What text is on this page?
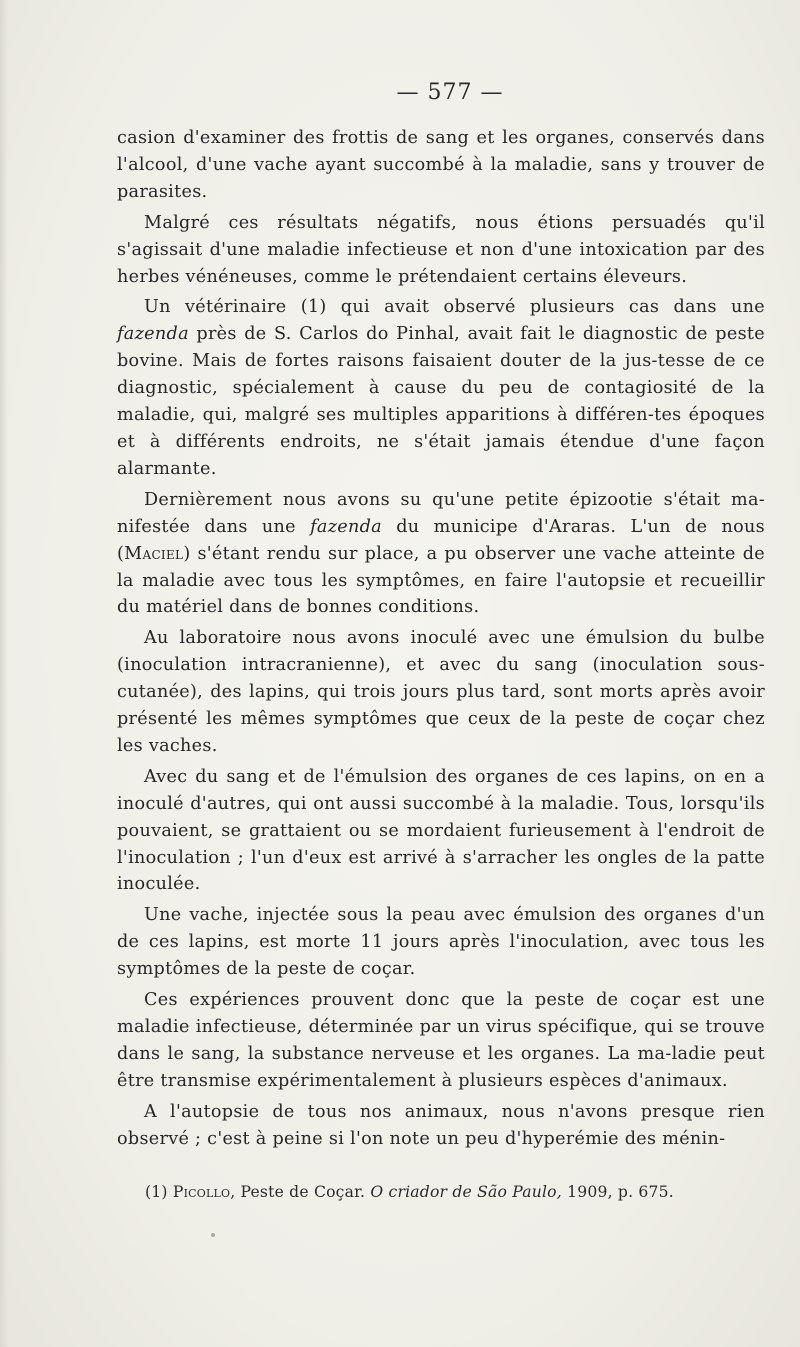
— 577 —

casion d'examiner des frottis de sang et les organes, conservés dans l'alcool, d'une vache ayant succombé à la maladie, sans y trouver de parasites.

Malgré ces résultats négatifs, nous étions persuadés qu'il s'agissait d'une maladie infectieuse et non d'une intoxication par des herbes vénéneuses, comme le prétendaient certains éleveurs.

Un vétérinaire (1) qui avait observé plusieurs cas dans une fazenda près de S. Carlos do Pinhal, avait fait le diagnostic de peste bovine. Mais de fortes raisons faisaient douter de la jus-tesse de ce diagnostic, spécialement à cause du peu de contagiosité de la maladie, qui, malgré ses multiples apparitions à différen-tes époques et à différents endroits, ne s'était jamais étendue d'une façon alarmante.

Dernièrement nous avons su qu'une petite épizootie s'était ma-nifestée dans une fazenda du municipe d'Araras. L'un de nous (Maciel) s'étant rendu sur place, a pu observer une vache atteinte de la maladie avec tous les symptômes, en faire l'autopsie et recueillir du matériel dans de bonnes conditions.

Au laboratoire nous avons inoculé avec une émulsion du bulbe (inoculation intracranienne), et avec du sang (inoculation sous-cutanée), des lapins, qui trois jours plus tard, sont morts après avoir présenté les mêmes symptômes que ceux de la peste de coçar chez les vaches.

Avec du sang et de l'émulsion des organes de ces lapins, on en a inoculé d'autres, qui ont aussi succombé à la maladie. Tous, lorsqu'ils pouvaient, se grattaient ou se mordaient furieusement à l'endroit de l'inoculation ; l'un d'eux est arrivé à s'arracher les ongles de la patte inoculée.

Une vache, injectée sous la peau avec émulsion des organes d'un de ces lapins, est morte 11 jours après l'inoculation, avec tous les symptômes de la peste de coçar.

Ces expériences prouvent donc que la peste de coçar est une maladie infectieuse, déterminée par un virus spécifique, qui se trouve dans le sang, la substance nerveuse et les organes. La ma-ladie peut être transmise expérimentalement à plusieurs espèces d'animaux.

A l'autopsie de tous nos animaux, nous n'avons presque rien observé ; c'est à peine si l'on note un peu d'hyperémie des ménin-

(1) Picollo, Peste de Coçar. O criador de São Paulo, 1909, p. 675.
